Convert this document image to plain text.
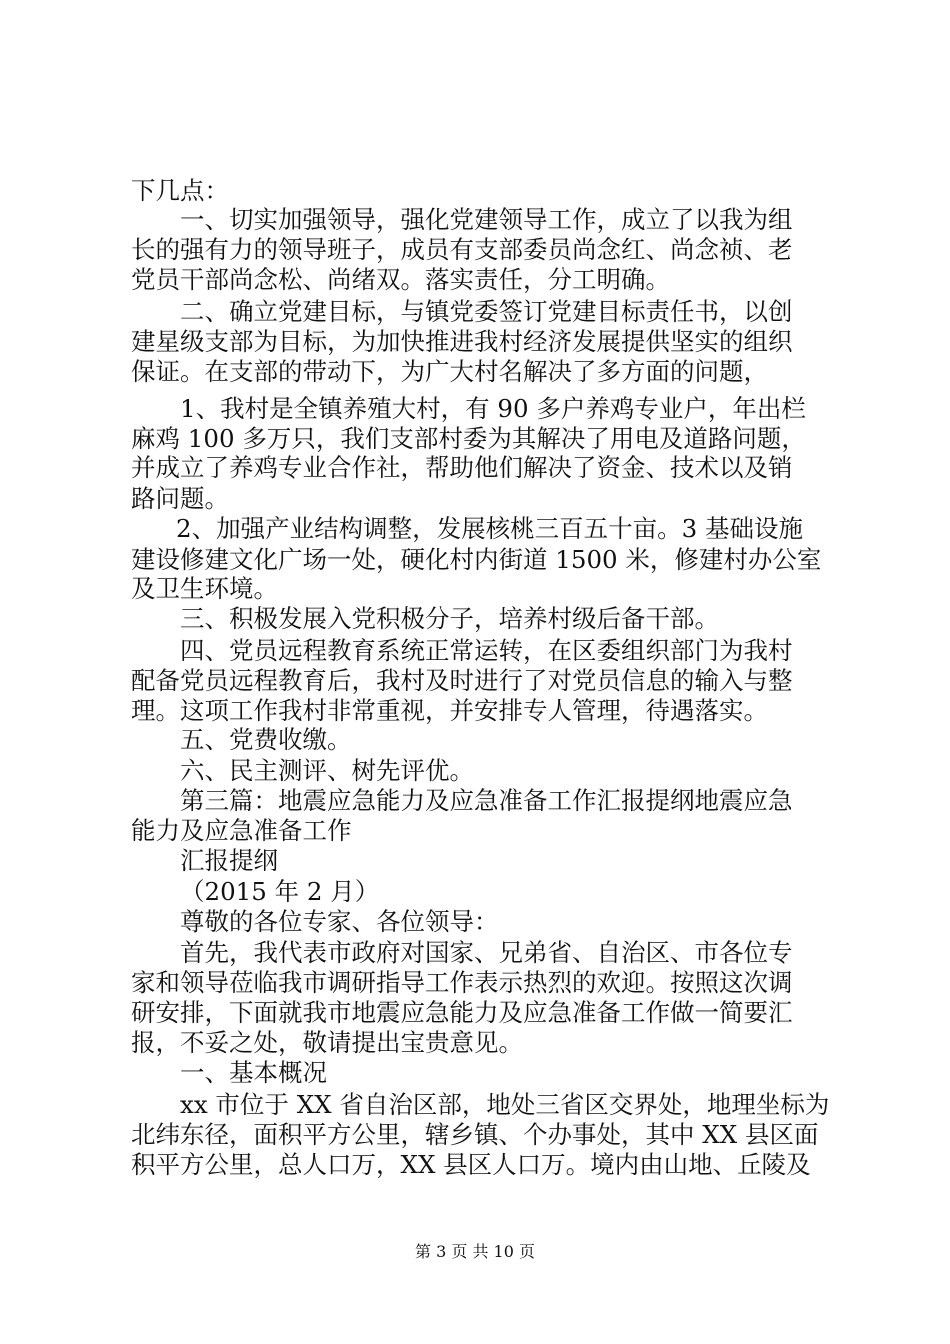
下几点：
一、切实加强领导，强化党建领导工作，成立了以我为组
长的强有力的领导班子，成员有支部委员尚念红、尚念祯、老
党员干部尚念松、尚绪双。落实责任，分工明确。
二、确立党建目标，与镇党委签订党建目标责任书，以创
建星级支部为目标，为加快推进我村经济发展提供坚实的组织
保证。在支部的带动下，为广大村名解决了多方面的问题，
1、我村是全镇养殖大村，有 90 多户养鸡专业户，年出栏
麻鸡 100 多万只，我们支部村委为其解决了用电及道路问题，
并成立了养鸡专业合作社，帮助他们解决了资金、技术以及销
路问题。
2、加强产业结构调整，发展核桃三百五十亩。3 基础设施
建设修建文化广场一处，硬化村内街道 1500 米，修建村办公室
及卫生环境。
三、积极发展入党积极分子，培养村级后备干部。
四、党员远程教育系统正常运转，在区委组织部门为我村
配备党员远程教育后，我村及时进行了对党员信息的输入与整
理。这项工作我村非常重视，并安排专人管理，待遇落实。
五、党费收缴。
六、民主测评、树先评优。
第三篇：地震应急能力及应急准备工作汇报提纲地震应急
能力及应急准备工作
汇报提纲
（2015 年 2 月）
尊敬的各位专家、各位领导：
首先，我代表市政府对国家、兄弟省、自治区、市各位专
家和领导莅临我市调研指导工作表示热烈的欢迎。按照这次调
研安排，下面就我市地震应急能力及应急准备工作做一简要汇
报，不妥之处，敬请提出宝贵意见。
一、基本概况
xx 市位于 XX 省自治区部，地处三省区交界处，地理坐标为
北纬东径，面积平方公里，辖乡镇、个办事处，其中 XX 县区面
积平方公里，总人口万，XX 县区人口万。境内由山地、丘陵及
第 3 页 共 10 页
